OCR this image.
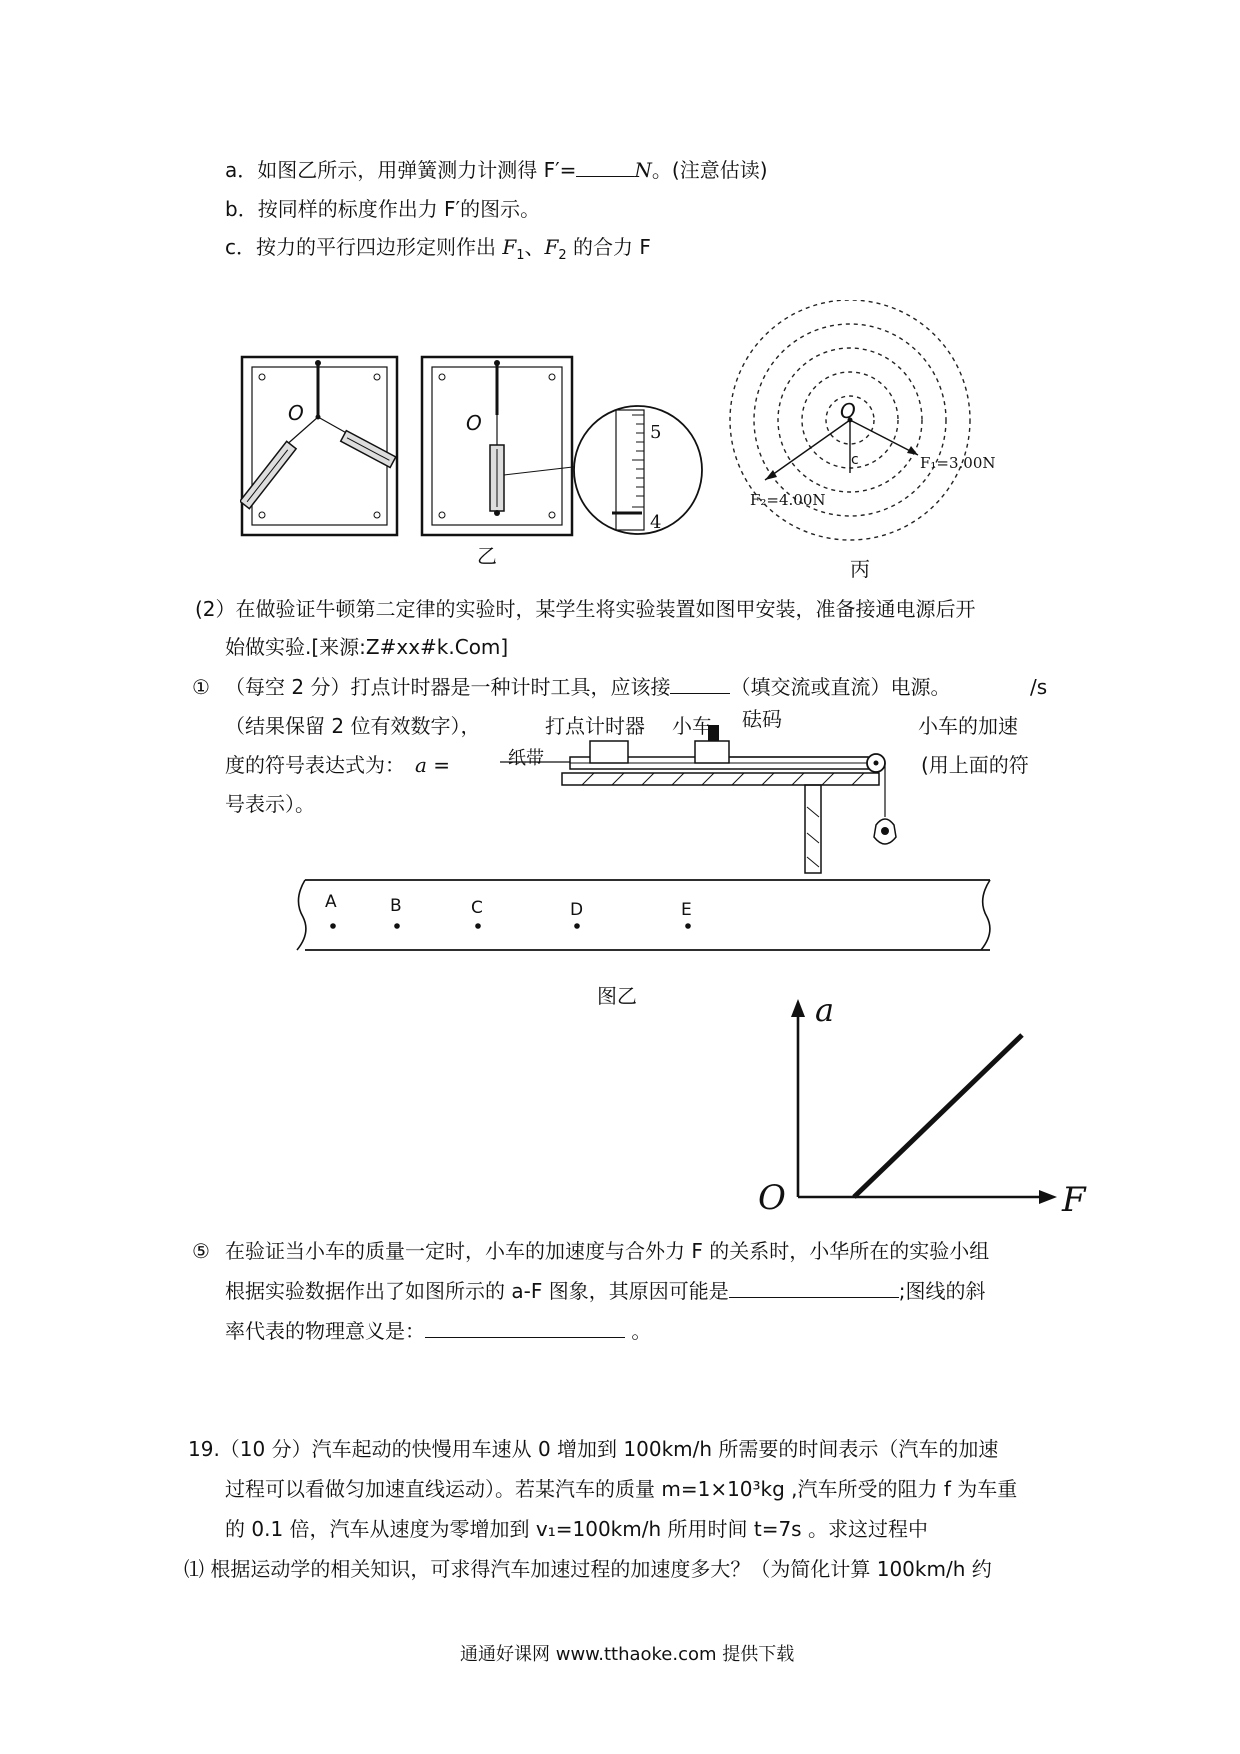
a．如图乙所示，用弹簧测力计测得 F′=	N。(注意估读)
b．按同样的标度作出力 F′的图示。
c．按力的平行四边形定则作出 $F_1$、$F_2$ 的合力 F
O	O	5
4
乙
O
c	F₁=3.00N
F₂=4.00N
丙
(2）在做验证牛顿第二定律的实验时，某学生将实验装置如图甲安装，准备接通电源后开
始做实验.[来源:Z#xx#k.Com]
① （每空 2 分）打点计时器是一种计时工具，应该接	（填交流或直流）电源。	/s
（结果保留 2 位有效数字），	小车的加速
度的符号表达式为： a =	(用上面的符
号表示）。
打点计时器 小车 砝码
纸带
A	B	C	D	E
图乙	a
F
O
⑤ 在验证当小车的质量一定时，小车的加速度与合外力 F 的关系时，小华所在的实验小组
根据实验数据作出了如图所示的 a-F 图象，其原因可能是	;图线的斜
率代表的物理意义是：	。
19.（10 分）汽车起动的快慢用车速从 0 增加到 100km/h 所需要的时间表示（汽车的加速
过程可以看做匀加速直线运动）。若某汽车的质量 m=1×10³kg ,汽车所受的阻力 f 为车重
的 0.1 倍，汽车从速度为零增加到 v₁=100km/h 所用时间 t=7s 。求这过程中
⑴ 根据运动学的相关知识，可求得汽车加速过程的加速度多大？（为简化计算 100km/h 约
通通好课网 www.tthaoke.com 提供下载
